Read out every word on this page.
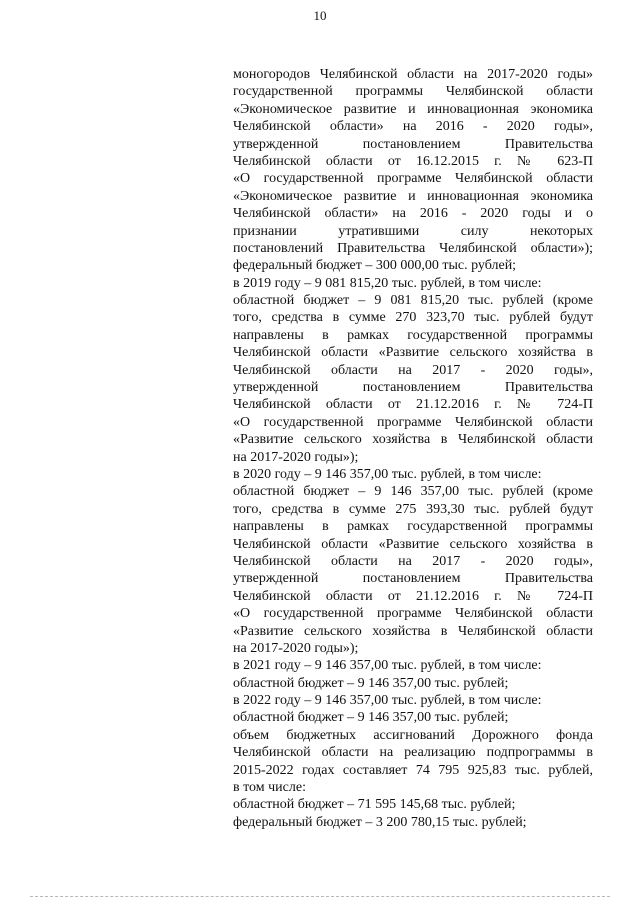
10
моногородов Челябинской области на 2017-2020 годы»
государственной программы Челябинской области
«Экономическое развитие и инновационная экономика
Челябинской области» на 2016 - 2020 годы»,
утвержденной постановлением Правительства
Челябинской области от 16.12.2015 г. № 623-П
«О государственной программе Челябинской области
«Экономическое развитие и инновационная экономика
Челябинской области» на 2016 - 2020 годы и о
признании утратившими силу некоторых
постановлений Правительства Челябинской области»);
федеральный бюджет – 300 000,00 тыс. рублей;
в 2019 году – 9 081 815,20 тыс. рублей, в том числе:
областной бюджет – 9 081 815,20 тыс. рублей (кроме
того, средства в сумме 270 323,70 тыс. рублей будут
направлены в рамках государственной программы
Челябинской области «Развитие сельского хозяйства в
Челябинской области на 2017 - 2020 годы»,
утвержденной постановлением Правительства
Челябинской области от 21.12.2016 г. № 724-П
«О государственной программе Челябинской области
«Развитие сельского хозяйства в Челябинской области
на 2017-2020 годы»);
в 2020 году – 9 146 357,00 тыс. рублей, в том числе:
областной бюджет – 9 146 357,00 тыс. рублей (кроме
того, средства в сумме 275 393,30 тыс. рублей будут
направлены в рамках государственной программы
Челябинской области «Развитие сельского хозяйства в
Челябинской области на 2017 - 2020 годы»,
утвержденной постановлением Правительства
Челябинской области от 21.12.2016 г. № 724-П
«О государственной программе Челябинской области
«Развитие сельского хозяйства в Челябинской области
на 2017-2020 годы»);
в 2021 году – 9 146 357,00 тыс. рублей, в том числе:
областной бюджет – 9 146 357,00 тыс. рублей;
в 2022 году – 9 146 357,00 тыс. рублей, в том числе:
областной бюджет – 9 146 357,00 тыс. рублей;
объем бюджетных ассигнований Дорожного фонда
Челябинской области на реализацию подпрограммы в
2015-2022 годах составляет 74 795 925,83 тыс. рублей,
в том числе:
областной бюджет – 71 595 145,68 тыс. рублей;
федеральный бюджет – 3 200 780,15 тыс. рублей;
